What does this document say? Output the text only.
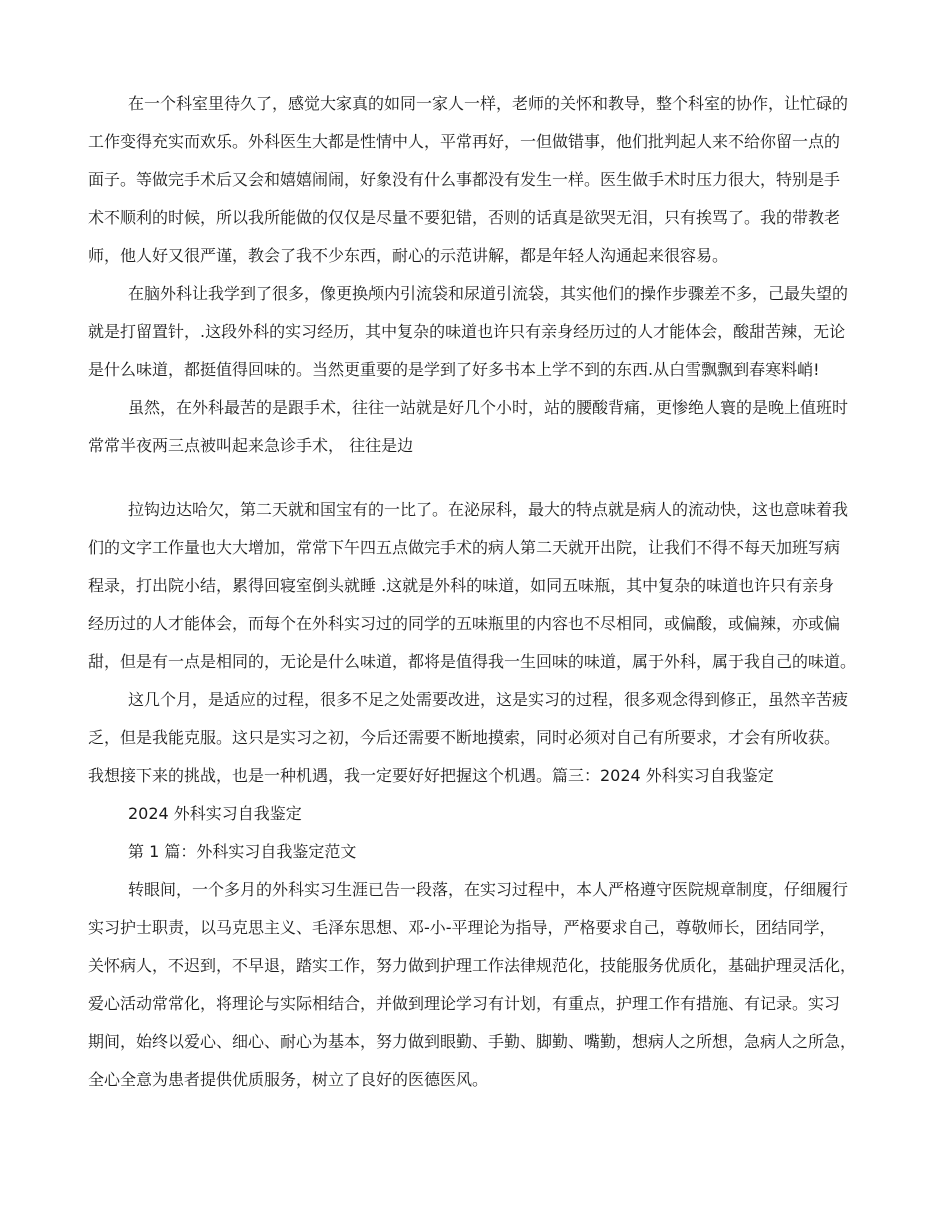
在一个科室里待久了，感觉大家真的如同一家人一样，老师的关怀和教导，整个科室的协作，让忙碌的

工作变得充实而欢乐。外科医生大都是性情中人，平常再好，一但做错事，他们批判起人来不给你留一点的

面子。等做完手术后又会和嬉嬉闹闹，好象没有什么事都没有发生一样。医生做手术时压力很大，特别是手

术不顺利的时候，所以我所能做的仅仅是尽量不要犯错，否则的话真是欲哭无泪，只有挨骂了。我的带教老

师，他人好又很严谨，教会了我不少东西，耐心的示范讲解，都是年轻人沟通起来很容易。

在脑外科让我学到了很多，像更换颅内引流袋和尿道引流袋，其实他们的操作步骤差不多，己最失望的

就是打留置针，.这段外科的实习经历，其中复杂的味道也许只有亲身经历过的人才能体会，酸甜苦辣，无论

是什么味道，都挺值得回味的。当然更重要的是学到了好多书本上学不到的东西.从白雪飘飘到春寒料峭!

虽然，在外科最苦的是跟手术，往往一站就是好几个小时，站的腰酸背痛，更惨绝人寰的是晚上值班时

常常半夜两三点被叫起来急诊手术， 往往是边

拉钩边达哈欠，第二天就和国宝有的一比了。在泌尿科，最大的特点就是病人的流动快，这也意味着我

们的文字工作量也大大增加，常常下午四五点做完手术的病人第二天就开出院，让我们不得不每天加班写病

程录，打出院小结，累得回寝室倒头就睡 .这就是外科的味道，如同五味瓶，其中复杂的味道也许只有亲身

经历过的人才能体会，而每个在外科实习过的同学的五味瓶里的内容也不尽相同，或偏酸，或偏辣，亦或偏

甜，但是有一点是相同的，无论是什么味道，都将是值得我一生回味的味道，属于外科，属于我自己的味道。

这几个月，是适应的过程，很多不足之处需要改进，这是实习的过程，很多观念得到修正，虽然辛苦疲

乏，但是我能克服。这只是实习之初，今后还需要不断地摸索，同时必须对自己有所要求，才会有所收获。

我想接下来的挑战，也是一种机遇，我一定要好好把握这个机遇。篇三：2024 外科实习自我鉴定

2024 外科实习自我鉴定

第 1 篇：外科实习自我鉴定范文

转眼间，一个多月的外科实习生涯已告一段落，在实习过程中，本人严格遵守医院规章制度，仔细履行

实习护士职责，以马克思主义、毛泽东思想、邓-小-平理论为指导，严格要求自己，尊敬师长，团结同学，

关怀病人，不迟到，不早退，踏实工作，努力做到护理工作法律规范化，技能服务优质化，基础护理灵活化，

爱心活动常常化，将理论与实际相结合，并做到理论学习有计划，有重点，护理工作有措施、有记录。实习

期间，始终以爱心、细心、耐心为基本，努力做到眼勤、手勤、脚勤、嘴勤，想病人之所想，急病人之所急，

全心全意为患者提供优质服务，树立了良好的医德医风。
